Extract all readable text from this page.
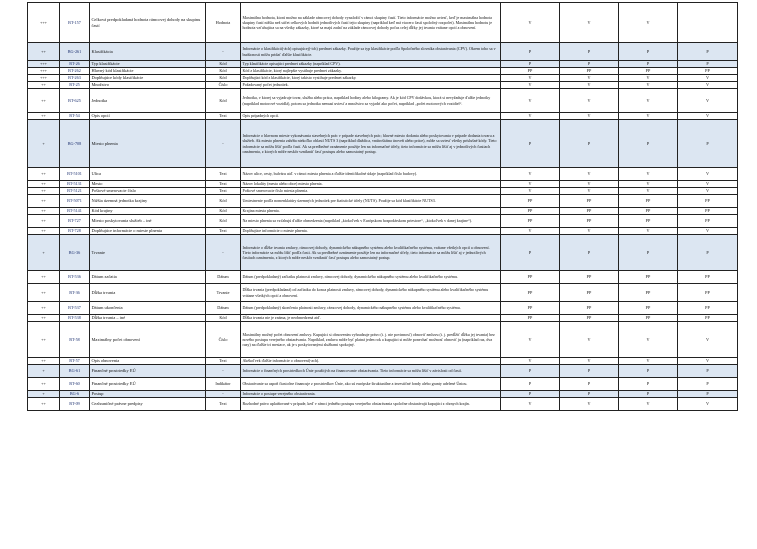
+++	BT-157	Celková predpokladaná hodnota rámcovej dohody na skupinu častí	Hodnota	Maximálna hodnota, ktorú možno na základe rámcovej dohody vynaložiť v rámci skupiny častí. Tieto informácie možno uviesť, keď je maximálna hodnota skupiny častí nižšia než súčet celkových hodnôt jednotlivých častí tejto skupiny (napríklad keď má viacero častí spoločný rozpočet). Maximálnu hodnotu je hodnota vzťahujúca sa na všetky zákazky, ktoré sa majú zadať na základe rámcovej dohody počas celej dĺžky jej trvania vrátane opcií a obnovení.	V	V	V	
++	BG-261	Klasifikácia	-	Informácie o klasifikácii(-ách) opisujúcej(-ich) predmet zákazky. Použije sa typ klasifikácie podľa Spoločného slovníka obstarávania (CPV). Okrem toho sa v budúcnosti môžu pridať ďalšie klasifikácie.	P	P	P	P
+++	BT-26	Typ klasifikácie	Kód	Typ klasifikácie opisujúci predmet zákazky (napríklad CPV).	P	P	P	P
+++	BT-262	Hlavný kód klasifikácie	Kód	Kód z klasifikácie, ktorý najlepšie vystihuje predmet zákazky.	PP	PP	PP	PP
+++	BT-263	Doplňujúce kódy klasifikácie	Kód	Doplňujúci kód z klasifikácie, ktorý takisto vystihuje predmet zákazky.	V	V	V	V
++	BT-25	Množstvo	Číslo	Požadovaný počet jednotiek.	V	V	V	V
++	BT-625	Jednotka	Kód	Jednotka, v ktorej sa vyjadruje tovar, služba alebo práca, napríklad hodiny alebo kilogramy. Ak je kód CPV dodávkou, ktorá si nevyžaduje ďalšie jednotky (napríklad motorové vozidlá), potom sa jednotka nemusí uviesť a množstvo sa vyjadrí ako počet, napríklad „počet motorových vozidiel“.	V	V	V	V
++	BT-54	Opis opcií	Text	Opis prípadných opcií.	V	V	V	V
+	BG-708	Miesto plnenia	-	Informácie o hlavnom mieste vykonávania stavebných prác v prípade stavebných prác; hlavné miesto dodania alebo poskytovania v prípade dodania tovaru a služieb. Ak miesto plnenia zahŕňa niekoľko oblastí NUTS 3 (napríklad dlaždica, vnútroštátna úroveň alebo práce), môže sa uviesť všetky príslušné kódy. Tieto informácie sa môžu líšiť podľa častí. Ak sa predbežné oznámenie použije len na informačné účely, tieto informácie sa môžu líšiť aj v jednotlivých častiach oznámenia, z ktorých môže neskôr vzniknúť časť postupu alebo samostatný postup.	P	P	P	P
++	BT-5101	Ulica	Text	Názov ulice, cesty, bulváru atď. v rámci miesta plnenia a ďalšie identifikačné údaje (napríklad číslo budovy).	V	V	V	V
++	BT-5131	Mesto	Text	Názov lokality (mesta alebo obce) miesta plnenia.	V	V	V	V
++	BT-5121	Poštové smerovacie číslo	Text	Poštové smerovacie číslo miesta plnenia.	V	V	V	V
++	BT-5071	Nižšia územná jednotka krajiny	Kód	Umiestnenie podľa nomenklatúry územných jednotiek pre štatistické účely (NUTS). Použije sa kód klasifikácie NUTS3.	PP	PP	PP	PP
++	BT-5141	Kód krajiny	Kód	Krajina miesta plnenia.	PP	PP	PP	PP
++	BT-727	Miesto poskytovania služieb – iné	Kód	Na miesto plnenia sa vzťahujú ďalšie obmedzenia (napríklad „ktokoľvek v Európskom hospodárskom priestore“, „ktokoľvek v danej krajine“).	PP	PP	PP	PP
++	BT-728	Doplňujúce informácie o mieste plnenia	Text	Doplňujúce informácie o mieste plnenia.	V	V	V	V
+	BG-36	Trvanie	-	Informácie o dĺžke trvania zmluvy, rámcovej dohody, dynamického nákupného systému alebo kvalifikačného systému, vrátane všetkých opcií a obnovení. Tieto informácie sa môžu líšiť podľa časti. Ak sa predbežné oznámenie použije len na informačné účely, tieto informácie sa môžu líšiť aj v jednotlivých častiach oznámenia, z ktorých môže neskôr vzniknúť časť postupu alebo samostatný postup.	P	P	P	P
++	BT-536	Dátum začatia	Dátum	Dátum (predpokladaný) začiatku platnosti zmluvy, rámcovej dohody, dynamického nákupného systému alebo kvalifikačného systému.	PP	PP	PP	PP
++	BT-36	Dĺžka trvania	Trvanie	Dĺžka trvania (predpokladaná) od začiatku do konca platnosti zmluvy, rámcovej dohody, dynamického nákupného systému alebo kvalifikačného systému vrátane všetkých opcií a obnovení.	PP	PP	PP	PP
++	BT-537	Dátum ukončenia	Dátum	Dátum (predpokladaný) skončenia platnosti zmluvy, rámcovej dohody, dynamického nákupného systému alebo kvalifikačného systému.	PP	PP	PP	PP
++	BT-538	Dĺžka trvania – iné	Kód	Dĺžka trvania nie je známa, je neobmedzená atď.	PP	PP	PP	PP
++	BT-58	Maximálny počet obnovení	Číslo	Maximálny možný počet obnovení zmluvy. Kupujúci si obnovením vyhradzuje právo (t. j. nie povinnosť) obnoviť zmluvu (t. j. predĺžiť dĺžku jej trvania) bez nového postupu verejného obstarávania. Napríklad, zmluva môže byť platná jeden rok a kupujúci si môže ponechať možnosť obnoviť ju (napríklad raz, dva razy) na ďalšie tri mesiace, ak je s poskytovanými službami spokojný.	V	V	V	V
++	BT-57	Opis obnovenia	Text	Akékoľvek ďalšie informácie o obnovení(-ach).	V	V	V	V
+	BG-61	Finančné prostriedky EÚ	-	Informácie o finančných prostriedkoch Únie použitých na financovanie obstarávania. Tieto informácie sa môžu líšiť v závislosti od častí.	P	P	P	P
++	BT-60	Finančné prostriedky EÚ	Indikátor	Obstarávanie sa aspoň čiastočne financuje z prostriedkov Únie, ako sú európske štrukturálne a investičné fondy alebo granty udelené Úniou.	P	P	P	P
+	BG-6	Postup	-	Informácie o postupe verejného obstarávania.	P	P	P	P
++	BT-09	Cezhraničné právne predpisy	Text	Rozhodné právo uplatňované v prípade, keď v rámci jedného postupu verejného obstarávania spoločne obstarávajú kupujúci z rôznych krajín.	V	V	V	V
